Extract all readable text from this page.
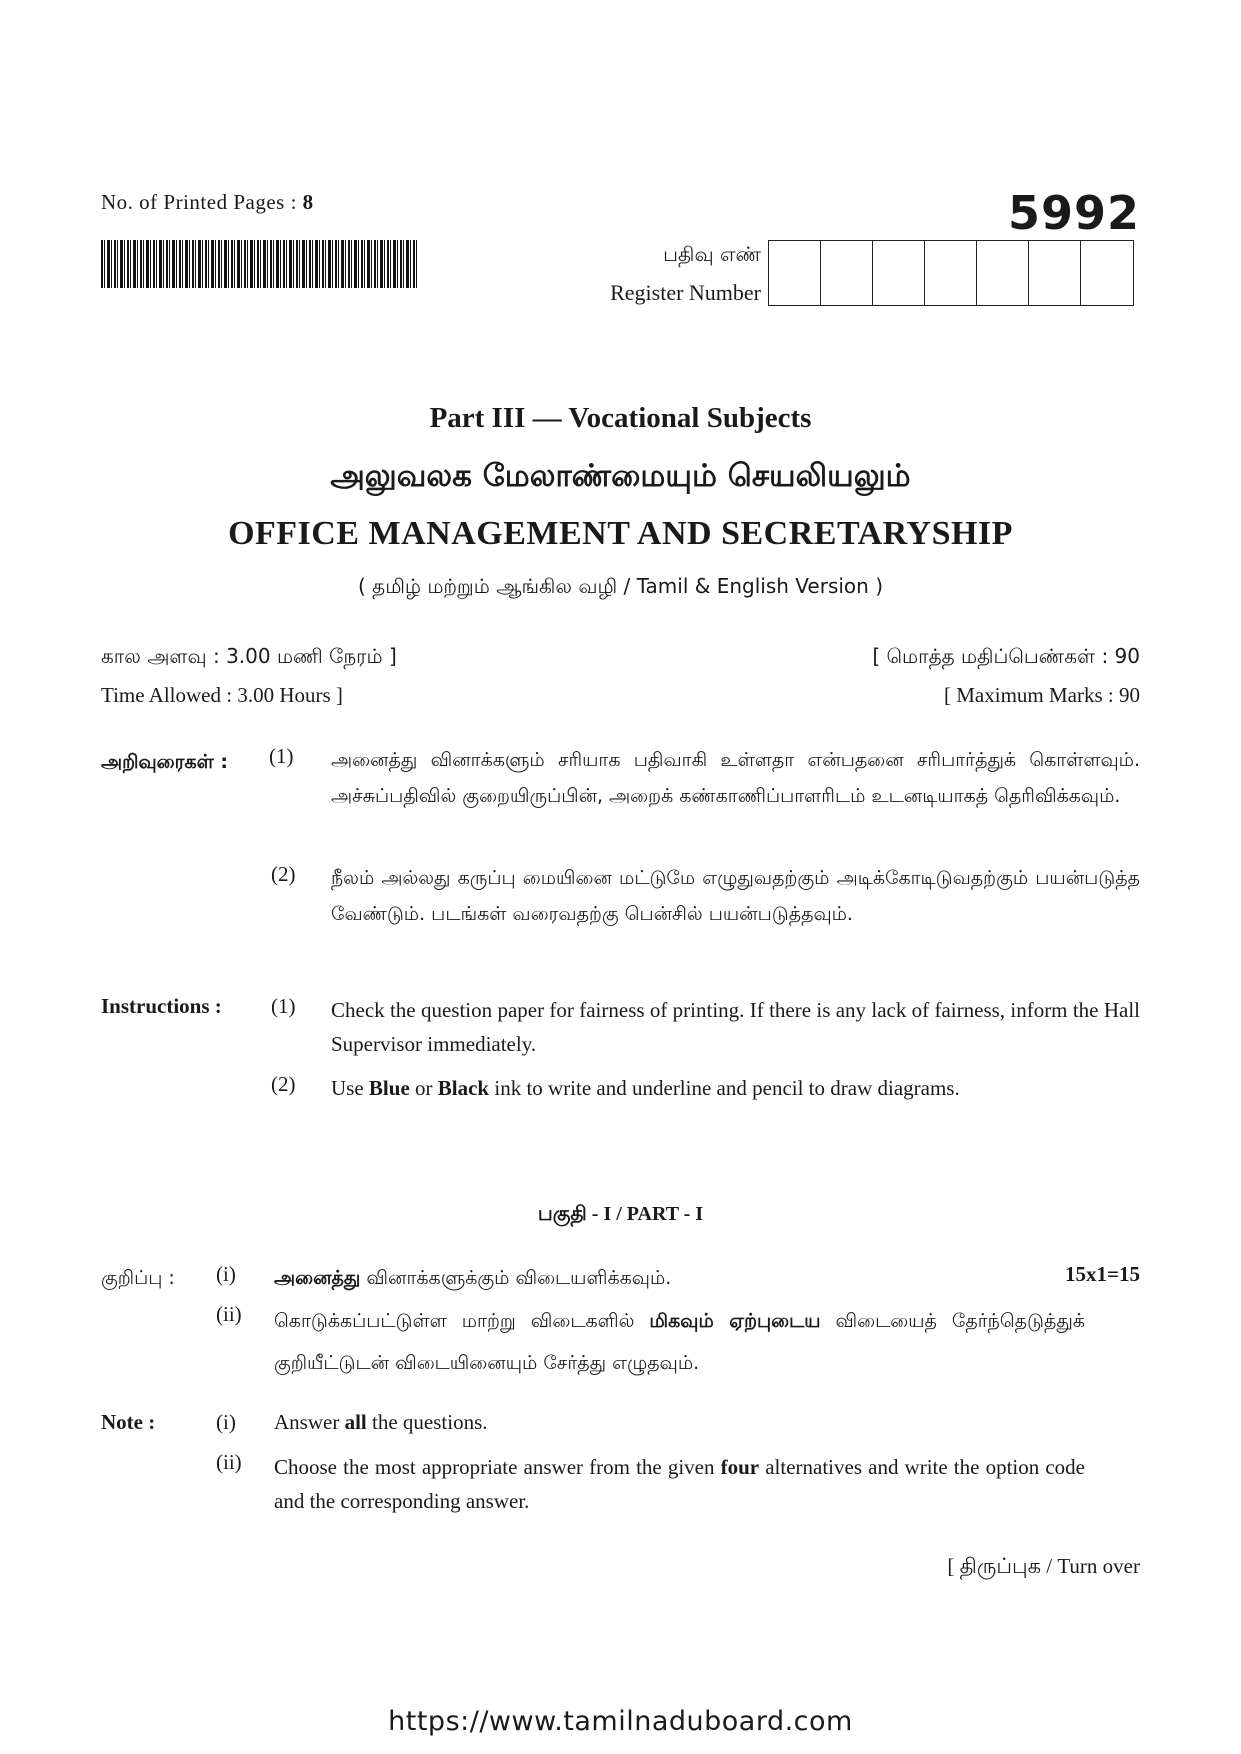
No. of Printed Pages : 8	5992
பதிவு எண்
Register Number
Part III — Vocational Subjects
அலுவலக மேலாண்மையும் செயலியலும்
OFFICE MANAGEMENT AND SECRETARYSHIP
( தமிழ் மற்றும் ஆங்கில வழி / Tamil & English Version )
கால அளவு : 3.00 மணி நேரம் ]	[ மொத்த மதிப்பெண்கள் : 90
Time Allowed : 3.00 Hours ]	[ Maximum Marks : 90
அறிவுரைகள் : (1) அனைத்து வினாக்களும் சரியாக பதிவாகி உள்ளதா என்பதனை சரிபார்த்துக் கொள்ளவும். அச்சுப்பதிவில் குறையிருப்பின், அறைக் கண்காணிப்பாளரிடம் உடனடியாகத் தெரிவிக்கவும்.
(2) நீலம் அல்லது கருப்பு மையினை மட்டுமே எழுதுவதற்கும் அடிக்கோடிடுவதற்கும் பயன்படுத்த வேண்டும். படங்கள் வரைவதற்கு பென்சில் பயன்படுத்தவும்.
Instructions : (1) Check the question paper for fairness of printing. If there is any lack of fairness, inform the Hall Supervisor immediately.
(2) Use Blue or Black ink to write and underline and pencil to draw diagrams.
பகுதி - I / PART - I
குறிப்பு : (i) அனைத்து வினாக்களுக்கும் விடையளிக்கவும்.	15x1=15
(ii) கொடுக்கப்பட்டுள்ள மாற்று விடைகளில் மிகவும் ஏற்புடைய விடையைத் தேர்ந்தெடுத்துக் குறியீட்டுடன் விடையினையும் சேர்த்து எழுதவும்.
Note :	(i) Answer all the questions.
(ii) Choose the most appropriate answer from the given four alternatives and write the option code and the corresponding answer.
[ திருப்புக / Turn over
https://www.tamilnaduboard.com
